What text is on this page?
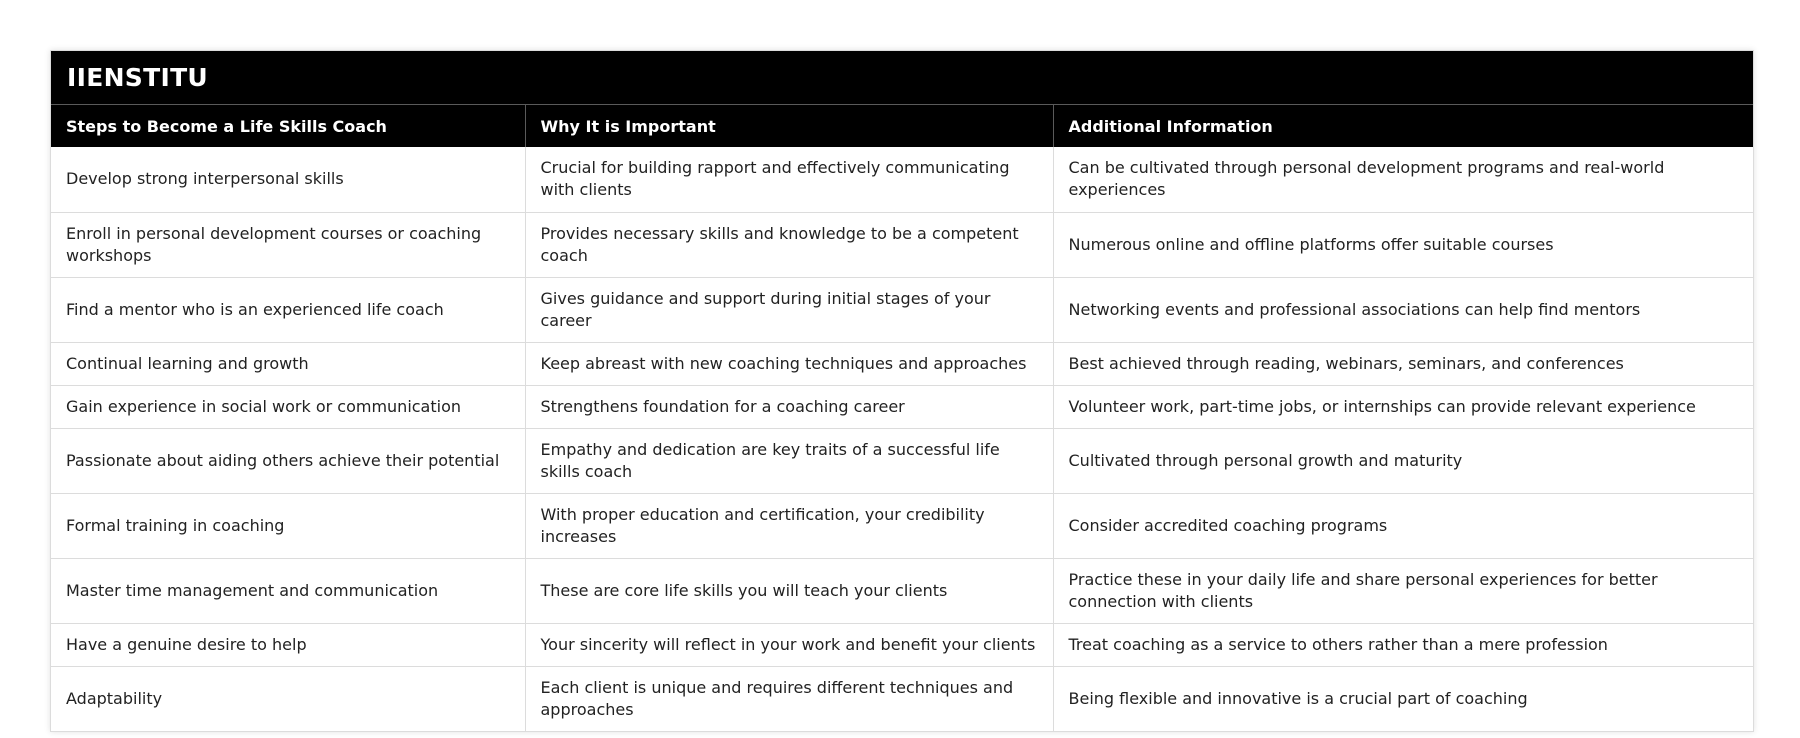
IIENSTITU
Steps to Become a Life Skills Coach	Why It is Important	Additional Information
Develop strong interpersonal skills	Crucial for building rapport and effectively communicating with clients	Can be cultivated through personal development programs and real-world experiences
Enroll in personal development courses or coaching workshops	Provides necessary skills and knowledge to be a competent coach	Numerous online and offline platforms offer suitable courses
Find a mentor who is an experienced life coach	Gives guidance and support during initial stages of your career	Networking events and professional associations can help find mentors
Continual learning and growth	Keep abreast with new coaching techniques and approaches	Best achieved through reading, webinars, seminars, and conferences
Gain experience in social work or communication	Strengthens foundation for a coaching career	Volunteer work, part-time jobs, or internships can provide relevant experience
Passionate about aiding others achieve their potential	Empathy and dedication are key traits of a successful life skills coach	Cultivated through personal growth and maturity
Formal training in coaching	With proper education and certification, your credibility increases	Consider accredited coaching programs
Master time management and communication	These are core life skills you will teach your clients	Practice these in your daily life and share personal experiences for better connection with clients
Have a genuine desire to help	Your sincerity will reflect in your work and benefit your clients	Treat coaching as a service to others rather than a mere profession
Adaptability	Each client is unique and requires different techniques and approaches	Being flexible and innovative is a crucial part of coaching
